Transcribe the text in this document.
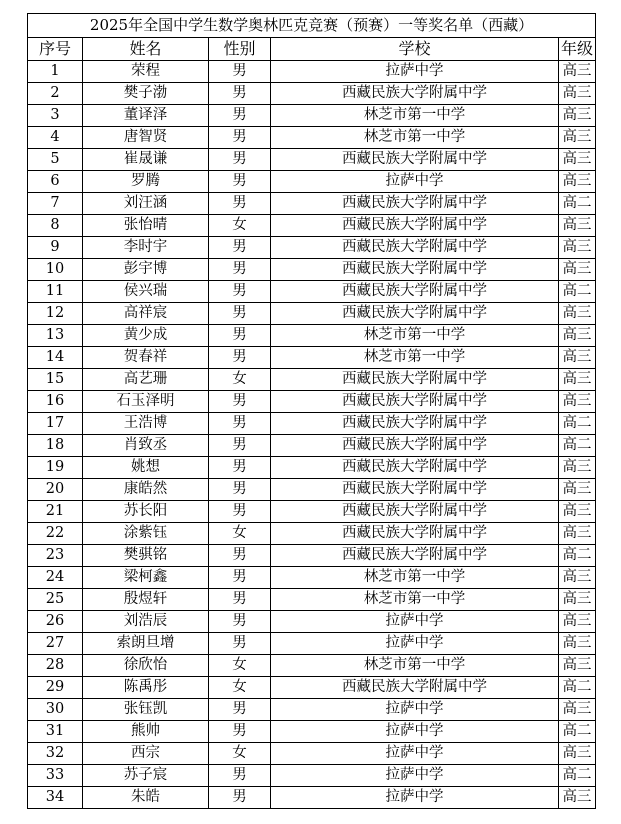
2025年全国中学生数学奥林匹克竞赛（预赛）一等奖名单（西藏）				
序号	姓名	性别	学校	年级
1	荣程	男	拉萨中学	高三
2	樊子渤	男	西藏民族大学附属中学	高三
3	董译泽	男	林芝市第一中学	高三
4	唐智贤	男	林芝市第一中学	高三
5	崔晟谦	男	西藏民族大学附属中学	高三
6	罗腾	男	拉萨中学	高三
7	刘汪涵	男	西藏民族大学附属中学	高二
8	张怡晴	女	西藏民族大学附属中学	高三
9	李时宇	男	西藏民族大学附属中学	高三
10	彭宇博	男	西藏民族大学附属中学	高三
11	侯兴瑞	男	西藏民族大学附属中学	高二
12	高祥宸	男	西藏民族大学附属中学	高三
13	黄少成	男	林芝市第一中学	高三
14	贺春祥	男	林芝市第一中学	高三
15	高艺珊	女	西藏民族大学附属中学	高三
16	石玉泽明	男	西藏民族大学附属中学	高三
17	王浩博	男	西藏民族大学附属中学	高二
18	肖致丞	男	西藏民族大学附属中学	高二
19	姚想	男	西藏民族大学附属中学	高三
20	康皓然	男	西藏民族大学附属中学	高三
21	苏长阳	男	西藏民族大学附属中学	高三
22	涂紫钰	女	西藏民族大学附属中学	高三
23	樊骐铭	男	西藏民族大学附属中学	高二
24	梁柯鑫	男	林芝市第一中学	高三
25	殷煜轩	男	林芝市第一中学	高三
26	刘浩辰	男	拉萨中学	高三
27	索朗旦增	男	拉萨中学	高三
28	徐欣怡	女	林芝市第一中学	高三
29	陈禹彤	女	西藏民族大学附属中学	高二
30	张钰凯	男	拉萨中学	高三
31	熊帅	男	拉萨中学	高二
32	西宗	女	拉萨中学	高三
33	苏子宸	男	拉萨中学	高二
34	朱皓	男	拉萨中学	高三
